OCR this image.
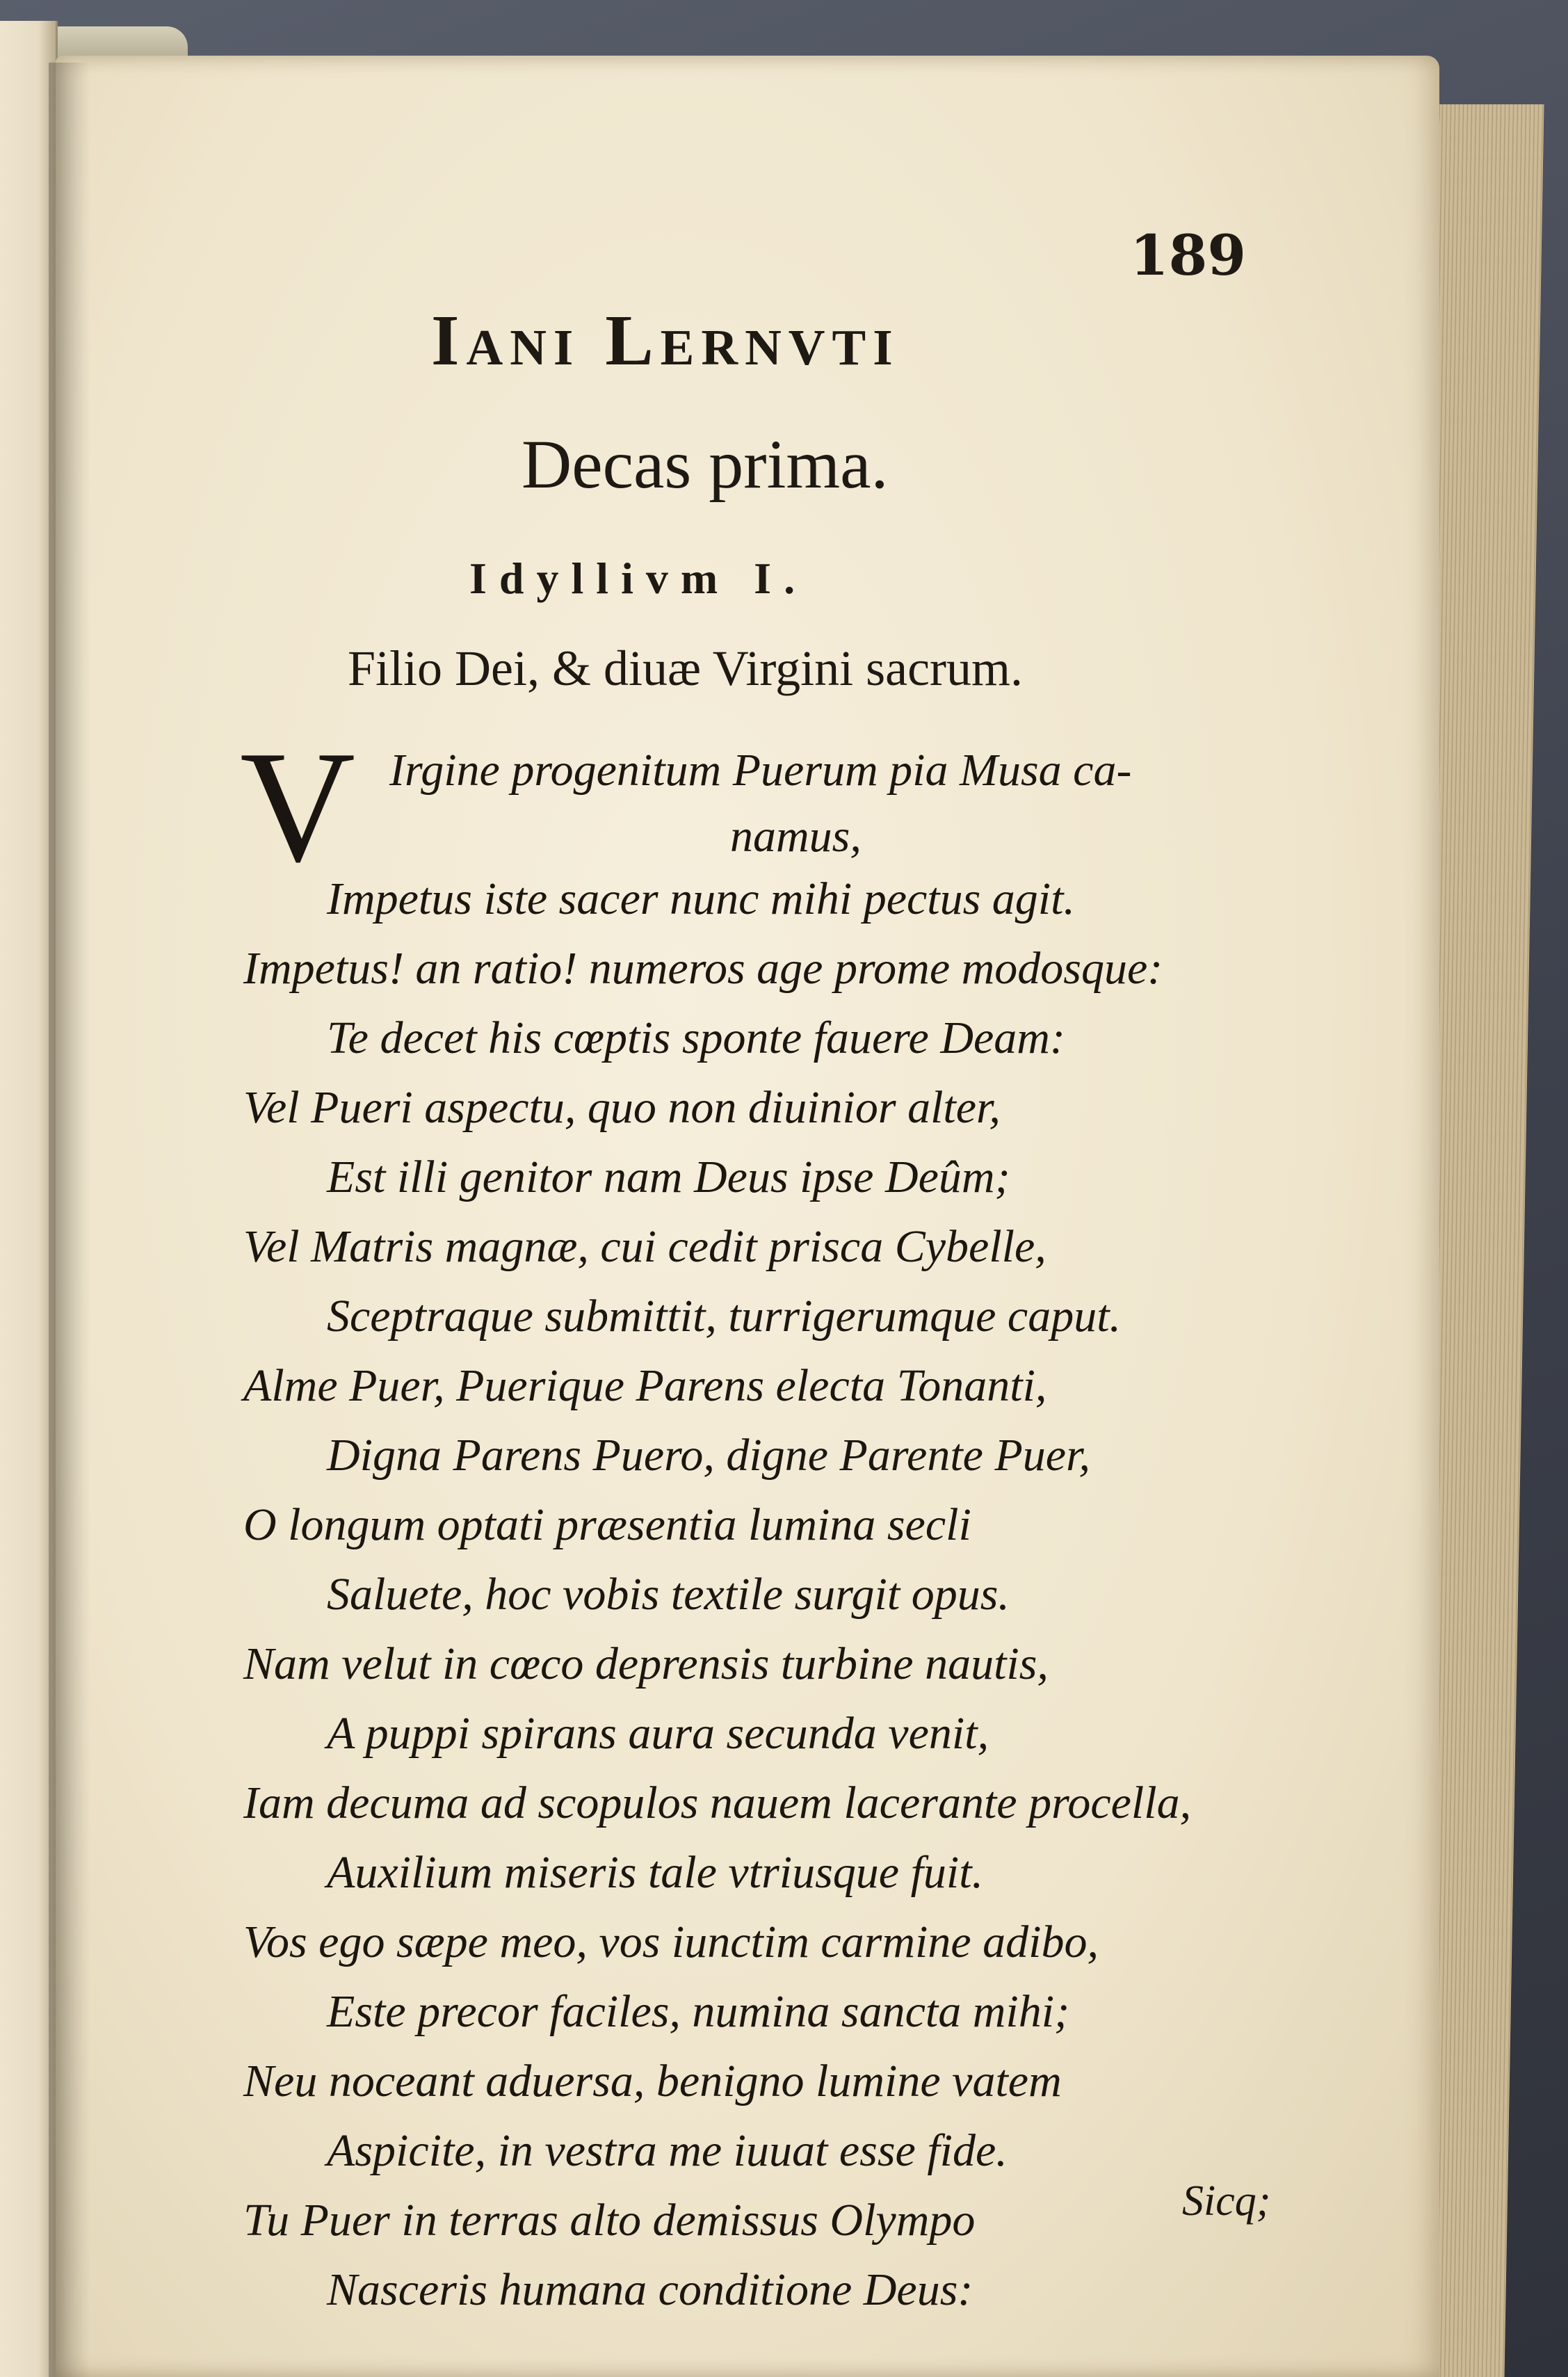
189
Iani Lernvti
Decas prima.
Idyllivm I.
Filio Dei, & diuæ Virgini sacrum.
V Irgine progenitum Puerum pia Musa ca-
namus,
Impetus iste sacer nunc mihi pectus agit.
Impetus! an ratio! numeros age prome modosque:
Te decet his cœptis sponte fauere Deam:
Vel Pueri aspectu, quo non diuinior alter,
Est illi genitor nam Deus ipse Deûm;
Vel Matris magnæ, cui cedit prisca Cybelle,
Sceptraque submittit, turrigerumque caput.
Alme Puer, Puerique Parens electa Tonanti,
Digna Parens Puero, digne Parente Puer,
O longum optati præsentia lumina secli
Saluete, hoc vobis textile surgit opus.
Nam velut in cœco deprensis turbine nautis,
A puppi spirans aura secunda venit,
Iam decuma ad scopulos nauem lacerante procella,
Auxilium miseris tale vtriusque fuit.
Vos ego sæpe meo, vos iunctim carmine adibo,
Este precor faciles, numina sancta mihi;
Neu noceant aduersa, benigno lumine vatem
Aspicite, in vestra me iuuat esse fide.
Tu Puer in terras alto demissus Olympo
Nasceris humana conditione Deus:
Sicq;
